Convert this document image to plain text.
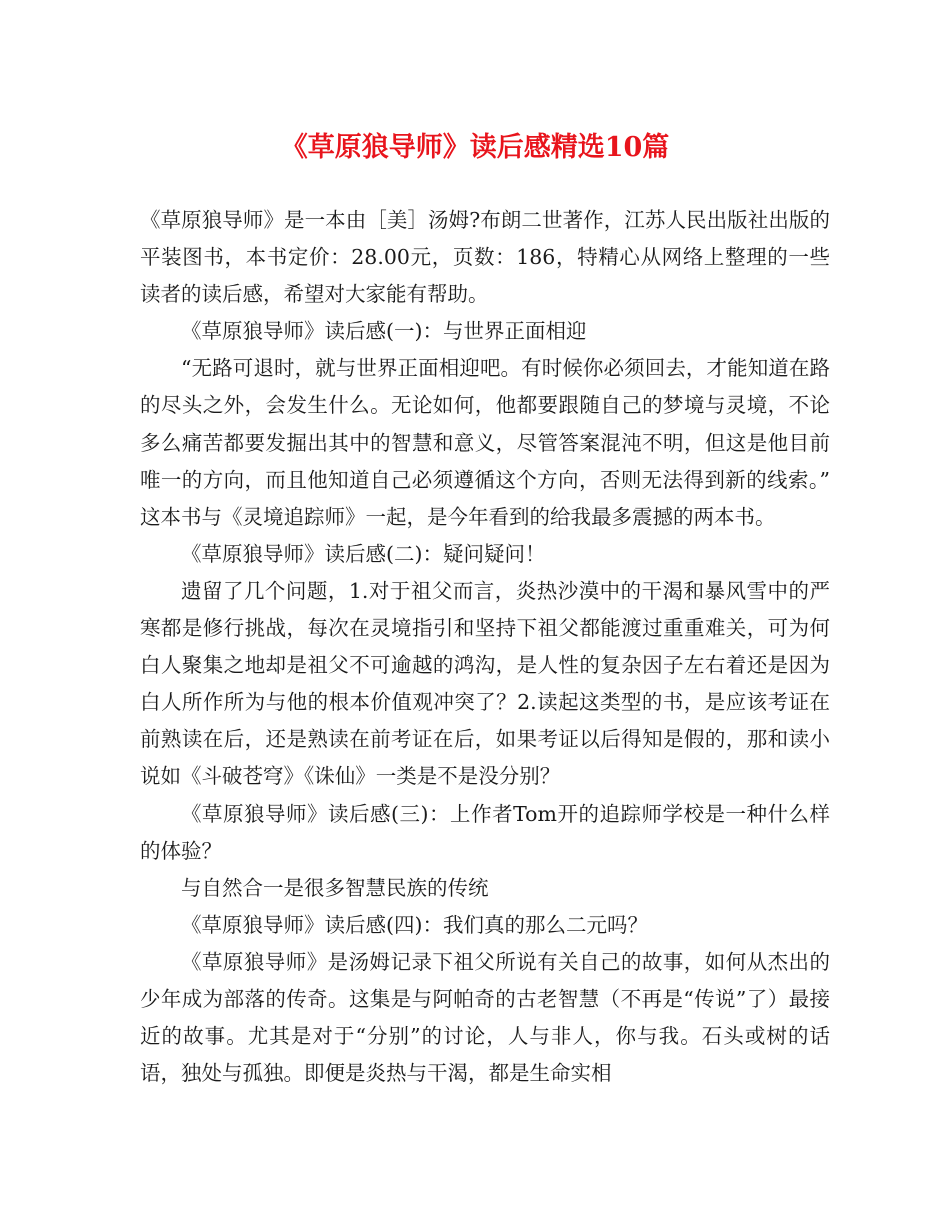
《草原狼导师》读后感精选10篇

《草原狼导师》是一本由［美］汤姆?布朗二世著作，江苏人民出版社出版的平装图书，本书定价：28.00元，页数：186，特精心从网络上整理的一些读者的读后感，希望对大家能有帮助。

《草原狼导师》读后感(一)：与世界正面相迎

“无路可退时，就与世界正面相迎吧。有时候你必须回去，才能知道在路的尽头之外，会发生什么。无论如何，他都要跟随自己的梦境与灵境，不论多么痛苦都要发掘出其中的智慧和意义，尽管答案混沌不明，但这是他目前唯一的方向，而且他知道自己必须遵循这个方向，否则无法得到新的线索。” 这本书与《灵境追踪师》一起，是今年看到的给我最多震撼的两本书。

《草原狼导师》读后感(二)：疑问疑问！

遗留了几个问题，1.对于祖父而言，炎热沙漠中的干渴和暴风雪中的严寒都是修行挑战，每次在灵境指引和坚持下祖父都能渡过重重难关，可为何白人聚集之地却是祖父不可逾越的鸿沟，是人性的复杂因子左右着还是因为白人所作所为与他的根本价值观冲突了？2.读起这类型的书，是应该考证在前熟读在后，还是熟读在前考证在后，如果考证以后得知是假的，那和读小说如《斗破苍穹》《诛仙》一类是不是没分别？

《草原狼导师》读后感(三)：上作者Tom开的追踪师学校是一种什么样的体验？

与自然合一是很多智慧民族的传统

《草原狼导师》读后感(四)：我们真的那么二元吗？

《草原狼导师》是汤姆记录下祖父所说有关自己的故事，如何从杰出的少年成为部落的传奇。这集是与阿帕奇的古老智慧（不再是“传说”了）最接近的故事。尤其是对于“分别”的讨论，人与非人，你与我。石头或树的话语，独处与孤独。即便是炎热与干渴，都是生命实相
